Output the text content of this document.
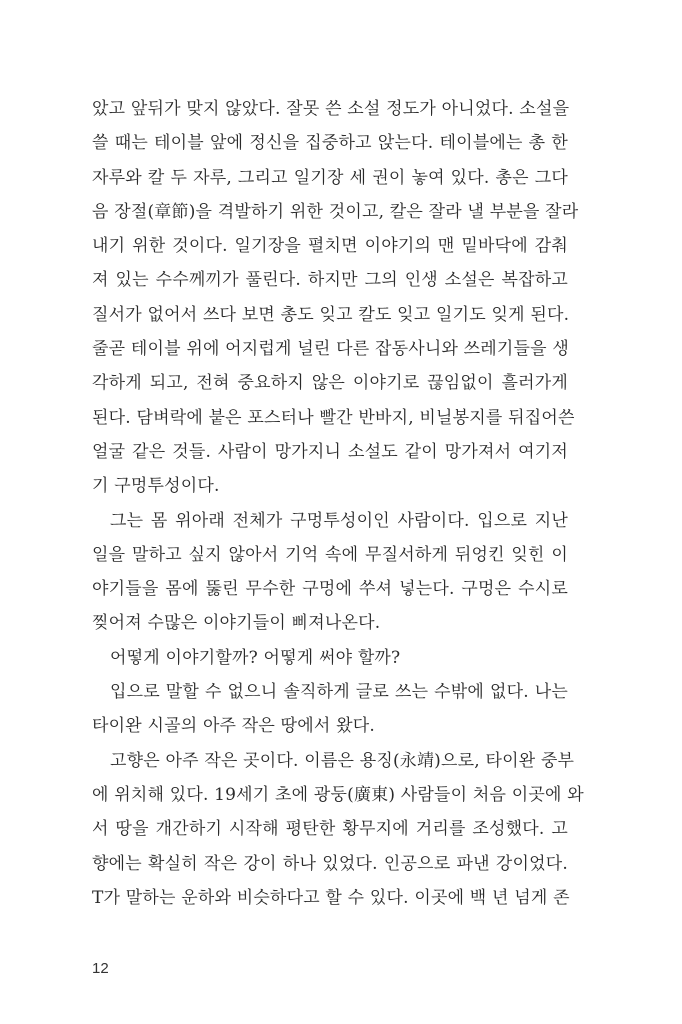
았고 앞뒤가 맞지 않았다. 잘못 쓴 소설 정도가 아니었다. 소설을
쓸 때는 테이블 앞에 정신을 집중하고 앉는다. 테이블에는 총 한
자루와 칼 두 자루, 그리고 일기장 세 권이 놓여 있다. 총은 그다
음 장절(章節)을 격발하기 위한 것이고, 칼은 잘라 낼 부분을 잘라
내기 위한 것이다. 일기장을 펼치면 이야기의 맨 밑바닥에 감춰
져 있는 수수께끼가 풀린다. 하지만 그의 인생 소설은 복잡하고
질서가 없어서 쓰다 보면 총도 잊고 칼도 잊고 일기도 잊게 된다.
줄곧 테이블 위에 어지럽게 널린 다른 잡동사니와 쓰레기들을 생
각하게 되고, 전혀 중요하지 않은 이야기로 끊임없이 흘러가게
된다. 담벼락에 붙은 포스터나 빨간 반바지, 비닐봉지를 뒤집어쓴
얼굴 같은 것들. 사람이 망가지니 소설도 같이 망가져서 여기저
기 구멍투성이다.
그는 몸 위아래 전체가 구멍투성이인 사람이다. 입으로 지난
일을 말하고 싶지 않아서 기억 속에 무질서하게 뒤엉킨 잊힌 이
야기들을 몸에 뚫린 무수한 구멍에 쑤셔 넣는다. 구멍은 수시로
찢어져 수많은 이야기들이 삐져나온다.
어떻게 이야기할까? 어떻게 써야 할까?
입으로 말할 수 없으니 솔직하게 글로 쓰는 수밖에 없다. 나는
타이완 시골의 아주 작은 땅에서 왔다.
고향은 아주 작은 곳이다. 이름은 용징(永靖)으로, 타이완 중부
에 위치해 있다. 19세기 초에 광둥(廣東) 사람들이 처음 이곳에 와
서 땅을 개간하기 시작해 평탄한 황무지에 거리를 조성했다. 고
향에는 확실히 작은 강이 하나 있었다. 인공으로 파낸 강이었다.
T가 말하는 운하와 비슷하다고 할 수 있다. 이곳에 백 년 넘게 존
12
